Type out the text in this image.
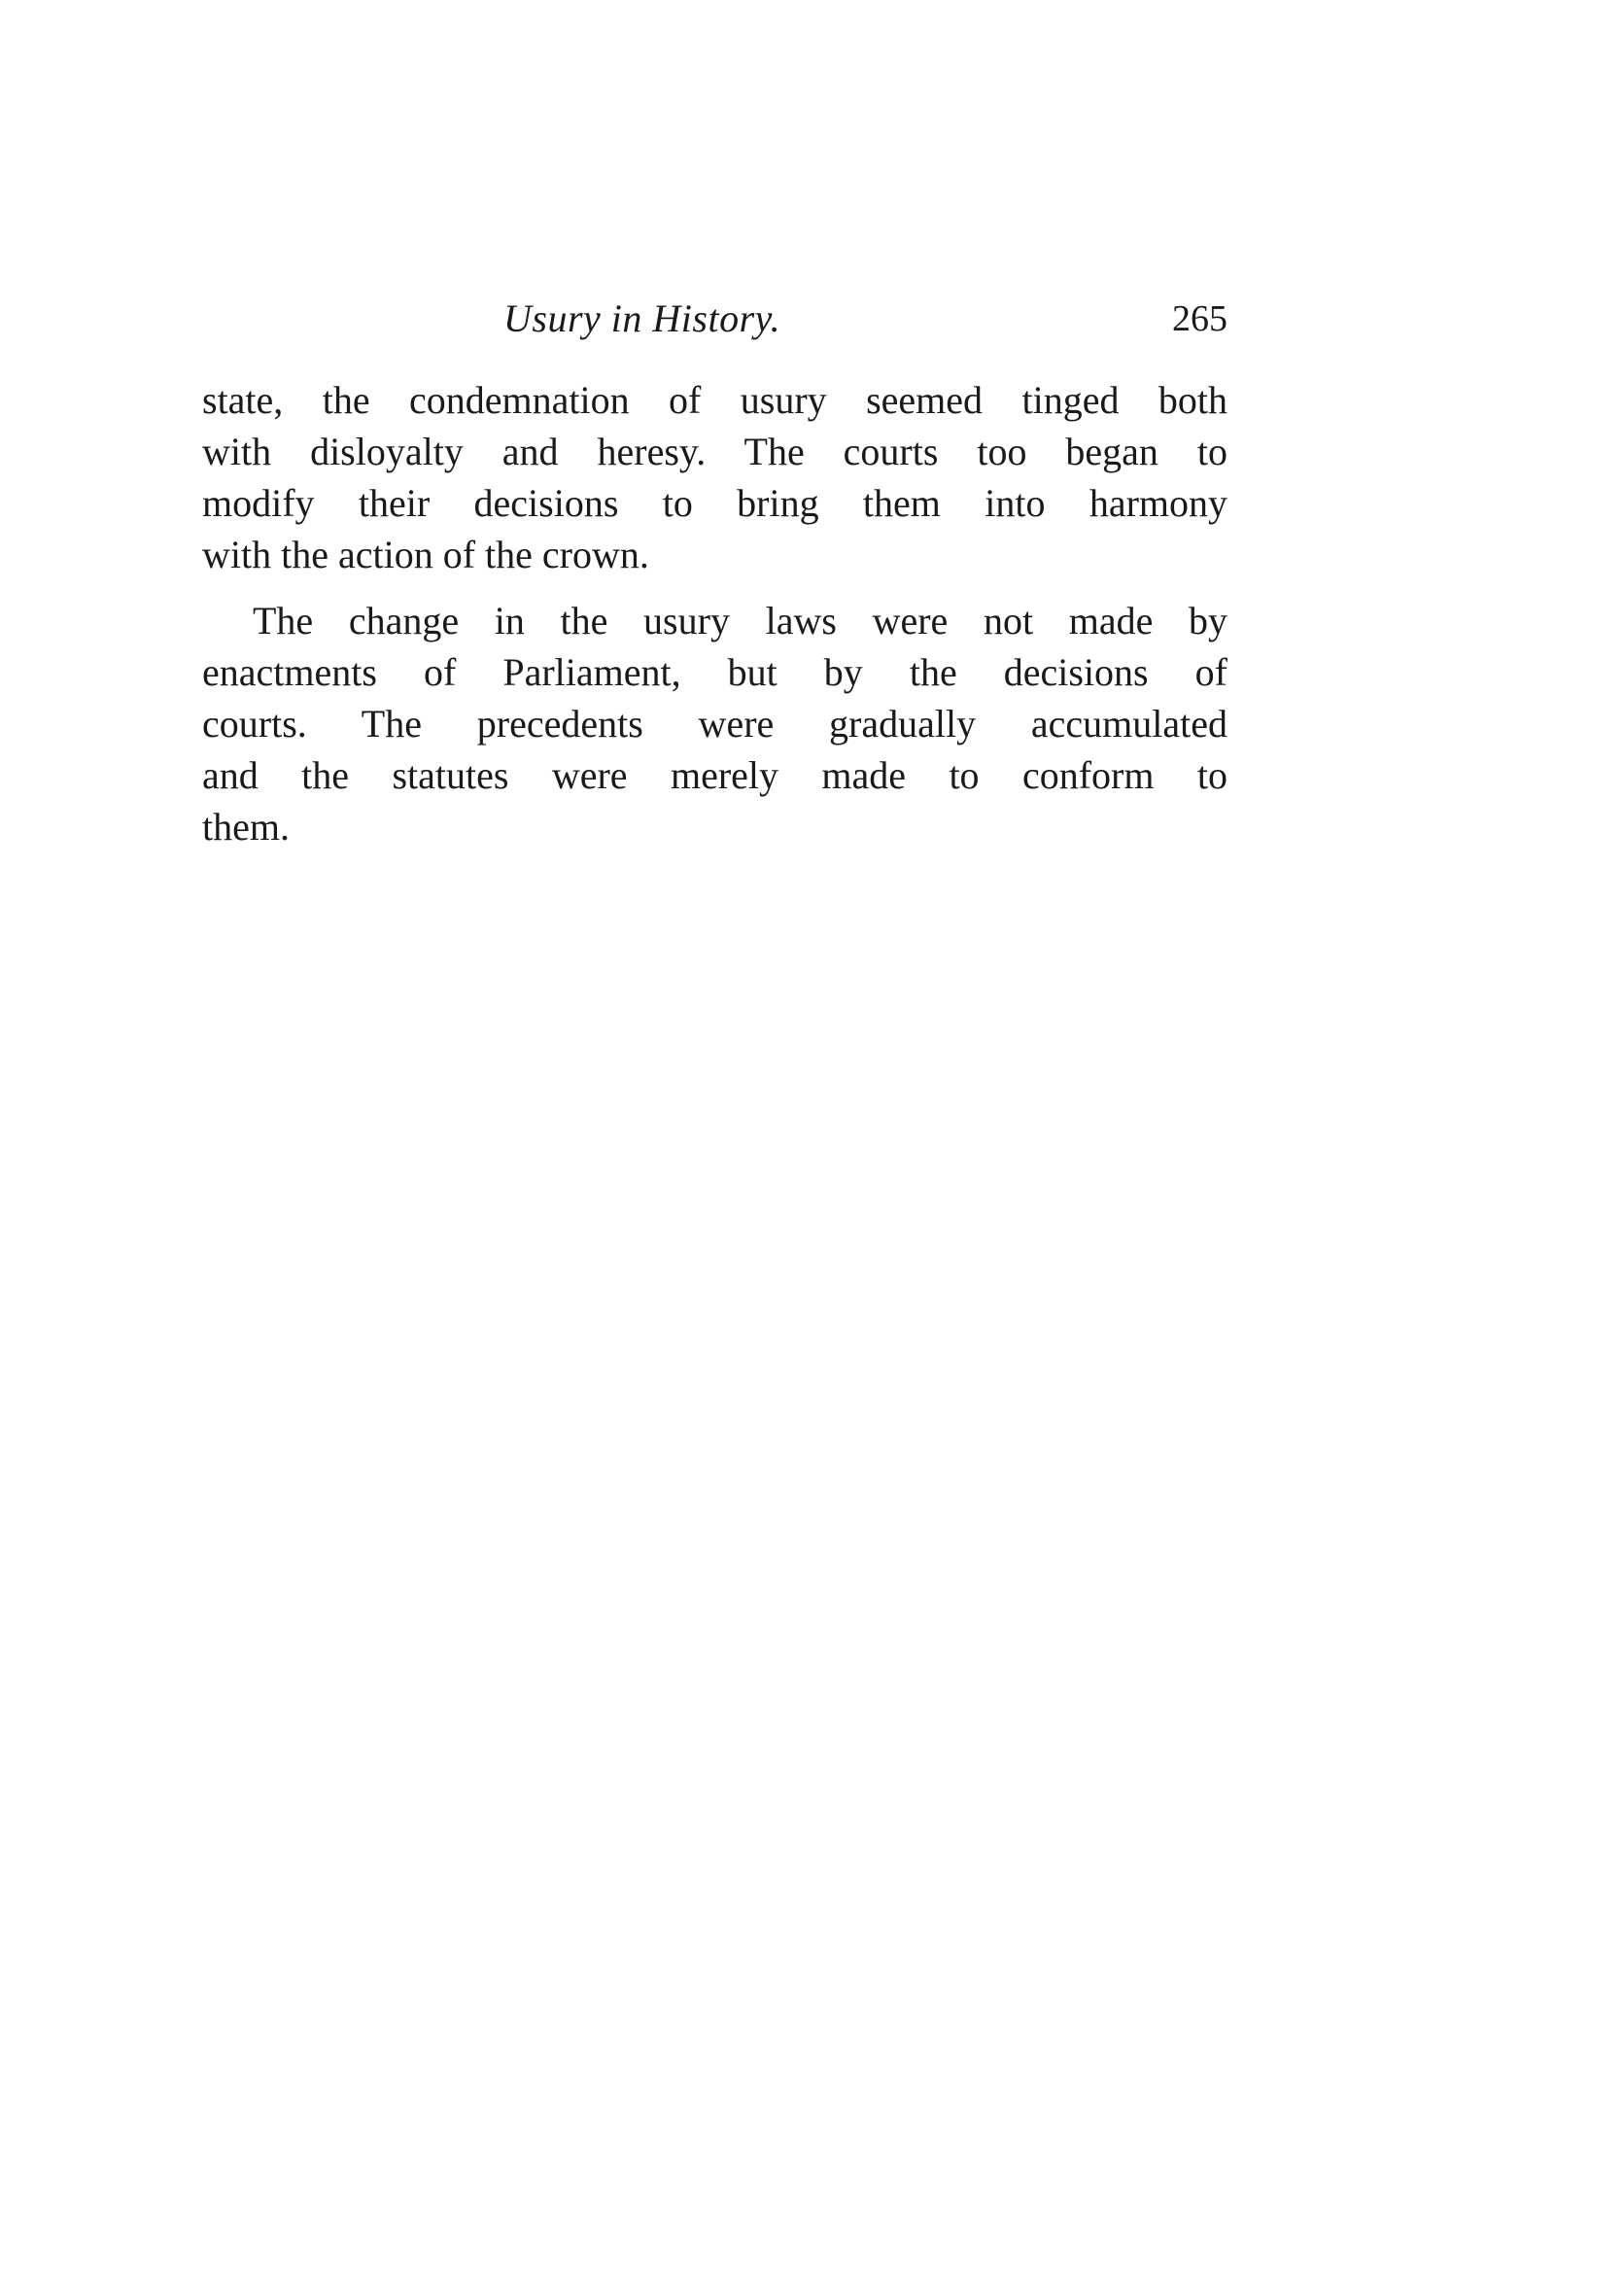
Usury in History.	265

state, the condemnation of usury seemed tinged both
with disloyalty and heresy. The courts too began to
modify their decisions to bring them into harmony
with the action of the crown.

The change in the usury laws were not made by
enactments of Parliament, but by the decisions of
courts. The precedents were gradually accumulated
and the statutes were merely made to conform to
them.
